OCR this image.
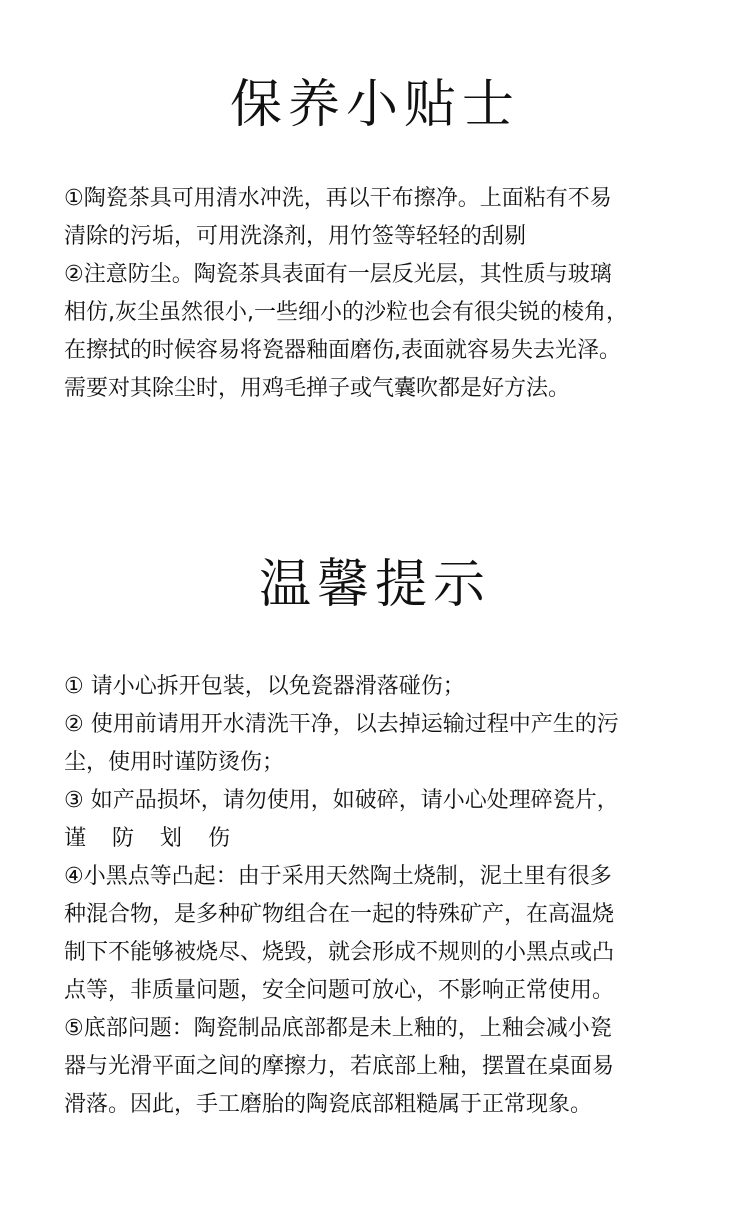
保养小贴士

①陶瓷茶具可用清水冲洗，再以干布擦净。上面粘有不易

清除的污垢，可用洗涤剂，用竹签等轻轻的刮剔

②注意防尘。陶瓷茶具表面有一层反光层，其性质与玻璃

相仿,灰尘虽然很小,一些细小的沙粒也会有很尖锐的棱角，

在擦拭的时候容易将瓷器釉面磨伤,表面就容易失去光泽。

需要对其除尘时，用鸡毛掸子或气囊吹都是好方法。

温馨提示

① 请小心拆开包装，以免瓷器滑落碰伤；

② 使用前请用开水清洗干净，以去掉运输过程中产生的污

尘，使用时谨防烫伤；

③ 如产品损坏，请勿使用，如破碎，请小心处理碎瓷片，

谨防划伤

④小黑点等凸起：由于采用天然陶土烧制，泥土里有很多

种混合物，是多种矿物组合在一起的特殊矿产，在高温烧

制下不能够被烧尽、烧毁，就会形成不规则的小黑点或凸

点等，非质量问题，安全问题可放心，不影响正常使用。

⑤底部问题：陶瓷制品底部都是未上釉的，上釉会减小瓷

器与光滑平面之间的摩擦力，若底部上釉，摆置在桌面易

滑落。因此，手工磨胎的陶瓷底部粗糙属于正常现象。
